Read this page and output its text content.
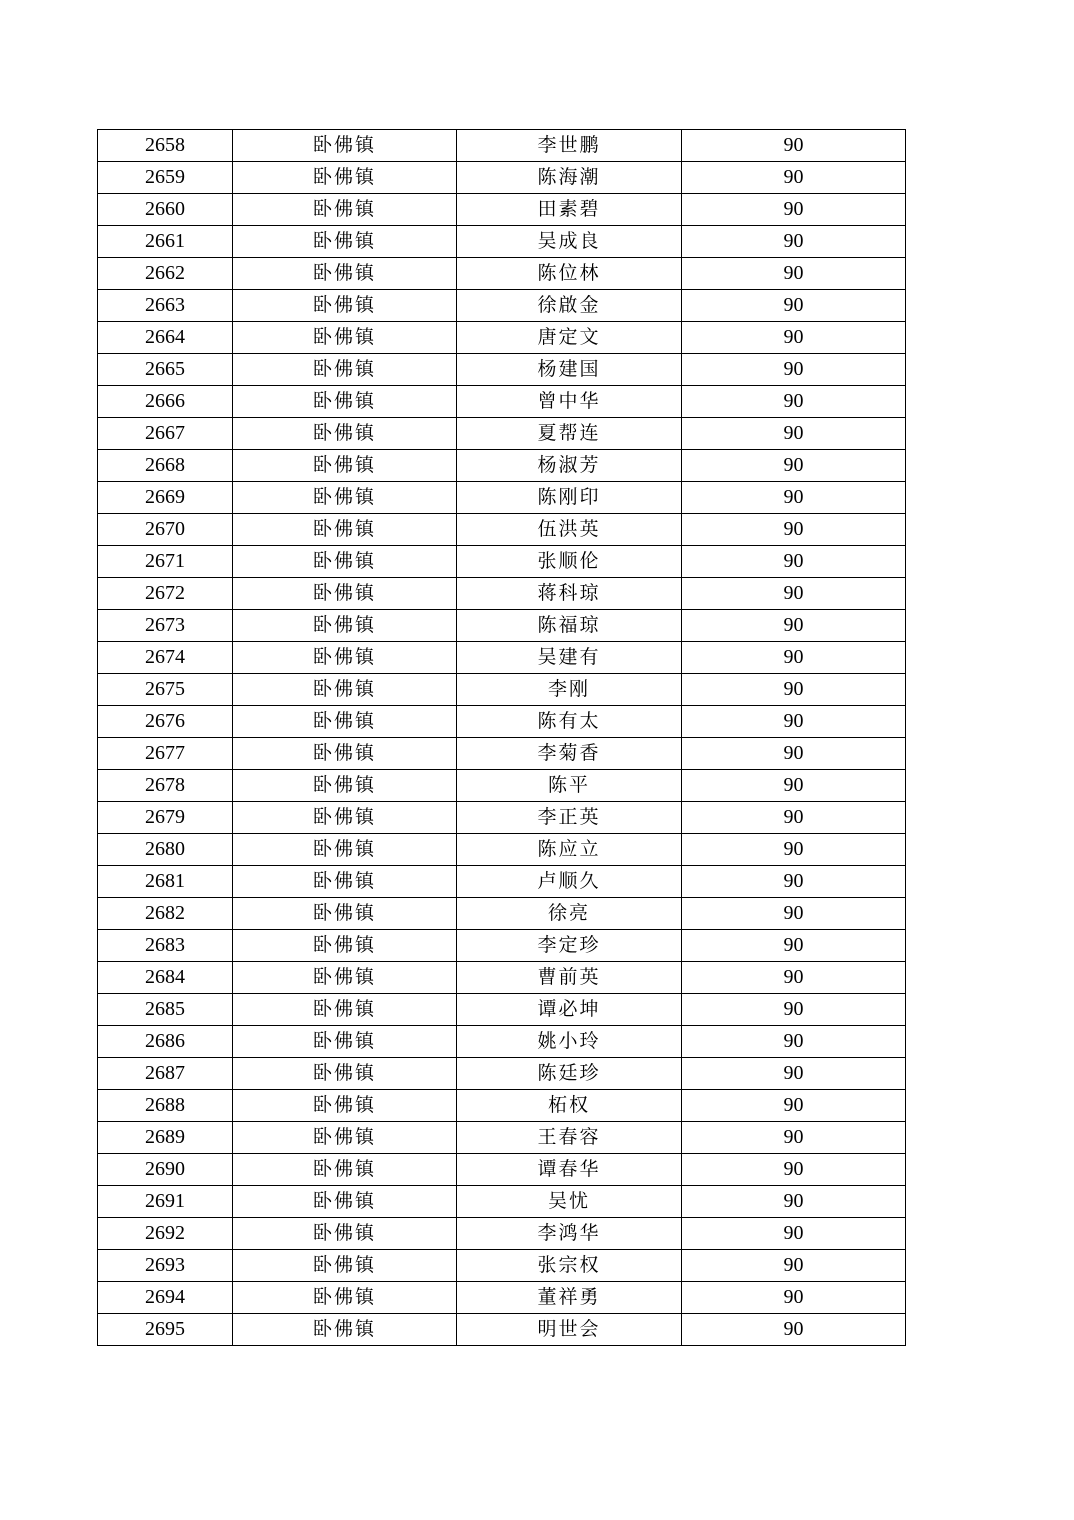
2658	卧佛镇	李世鹏	90
2659	卧佛镇	陈海潮	90
2660	卧佛镇	田素碧	90
2661	卧佛镇	吴成良	90
2662	卧佛镇	陈位林	90
2663	卧佛镇	徐啟金	90
2664	卧佛镇	唐定文	90
2665	卧佛镇	杨建国	90
2666	卧佛镇	曾中华	90
2667	卧佛镇	夏帮连	90
2668	卧佛镇	杨淑芳	90
2669	卧佛镇	陈刚印	90
2670	卧佛镇	伍洪英	90
2671	卧佛镇	张顺伦	90
2672	卧佛镇	蒋科琼	90
2673	卧佛镇	陈福琼	90
2674	卧佛镇	吴建有	90
2675	卧佛镇	李刚	90
2676	卧佛镇	陈有太	90
2677	卧佛镇	李菊香	90
2678	卧佛镇	陈平	90
2679	卧佛镇	李正英	90
2680	卧佛镇	陈应立	90
2681	卧佛镇	卢顺久	90
2682	卧佛镇	徐亮	90
2683	卧佛镇	李定珍	90
2684	卧佛镇	曹前英	90
2685	卧佛镇	谭必坤	90
2686	卧佛镇	姚小玲	90
2687	卧佛镇	陈廷珍	90
2688	卧佛镇	柘权	90
2689	卧佛镇	王春容	90
2690	卧佛镇	谭春华	90
2691	卧佛镇	吴忧	90
2692	卧佛镇	李鸿华	90
2693	卧佛镇	张宗权	90
2694	卧佛镇	董祥勇	90
2695	卧佛镇	明世会	90
